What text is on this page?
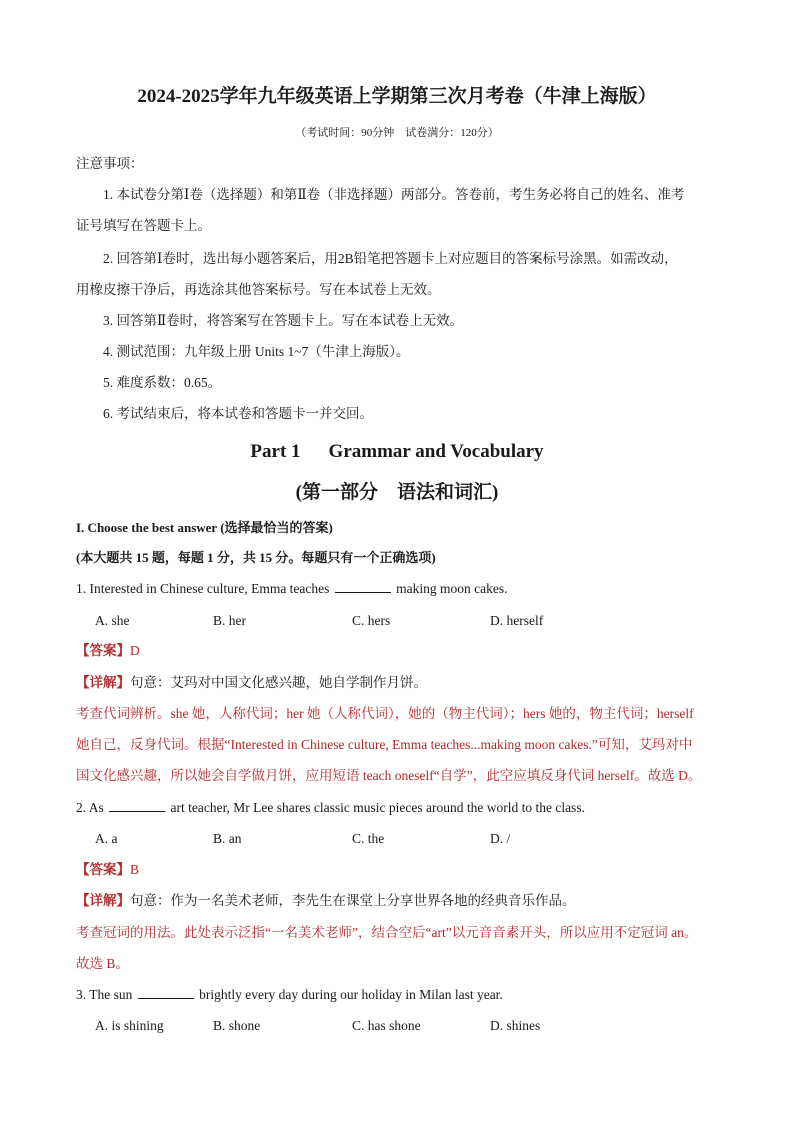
2024-2025学年九年级英语上学期第三次月考卷（牛津上海版）
（考试时间：90分钟　试卷满分：120分）
注意事项：
1. 本试卷分第Ⅰ卷（选择题）和第Ⅱ卷（非选择题）两部分。答卷前，考生务必将自己的姓名、准考
证号填写在答题卡上。
2. 回答第Ⅰ卷时，选出每小题答案后，用2B铅笔把答题卡上对应题目的答案标号涂黑。如需改动，
用橡皮擦干净后，再选涂其他答案标号。写在本试卷上无效。
3. 回答第Ⅱ卷时，将答案写在答题卡上。写在本试卷上无效。
4. 测试范围：九年级上册 Units 1~7（牛津上海版）。
5. 难度系数：0.65。
6. 考试结束后，将本试卷和答题卡一并交回。
Part 1 Grammar and Vocabulary
(第一部分　语法和词汇)
I. Choose the best answer (选择最恰当的答案)
(本大题共 15 题，每题 1 分，共 15 分。每题只有一个正确选项)
1. Interested in Chinese culture, Emma teaches	making moon cakes.
A. she	B. her	C. hers	D. herself
【答案】D
【详解】句意：艾玛对中国文化感兴趣，她自学制作月饼。
考查代词辨析。she 她，人称代词；her 她（人称代词），她的（物主代词）；hers 她的，物主代词；herself
她自己，反身代词。根据“Interested in Chinese culture, Emma teaches...making moon cakes.”可知，艾玛对中
国文化感兴趣，所以她会自学做月饼，应用短语 teach oneself“自学”，此空应填反身代词 herself。故选 D。
2. As	art teacher, Mr Lee shares classic music pieces around the world to the class.
A. a	B. an	C. the	D. /
【答案】B
【详解】句意：作为一名美术老师，李先生在课堂上分享世界各地的经典音乐作品。
考查冠词的用法。此处表示泛指“一名美术老师”，结合空后“art”以元音音素开头，所以应用不定冠词 an。
故选 B。
3. The sun	brightly every day during our holiday in Milan last year.
A. is shining	B. shone	C. has shone	D. shines
